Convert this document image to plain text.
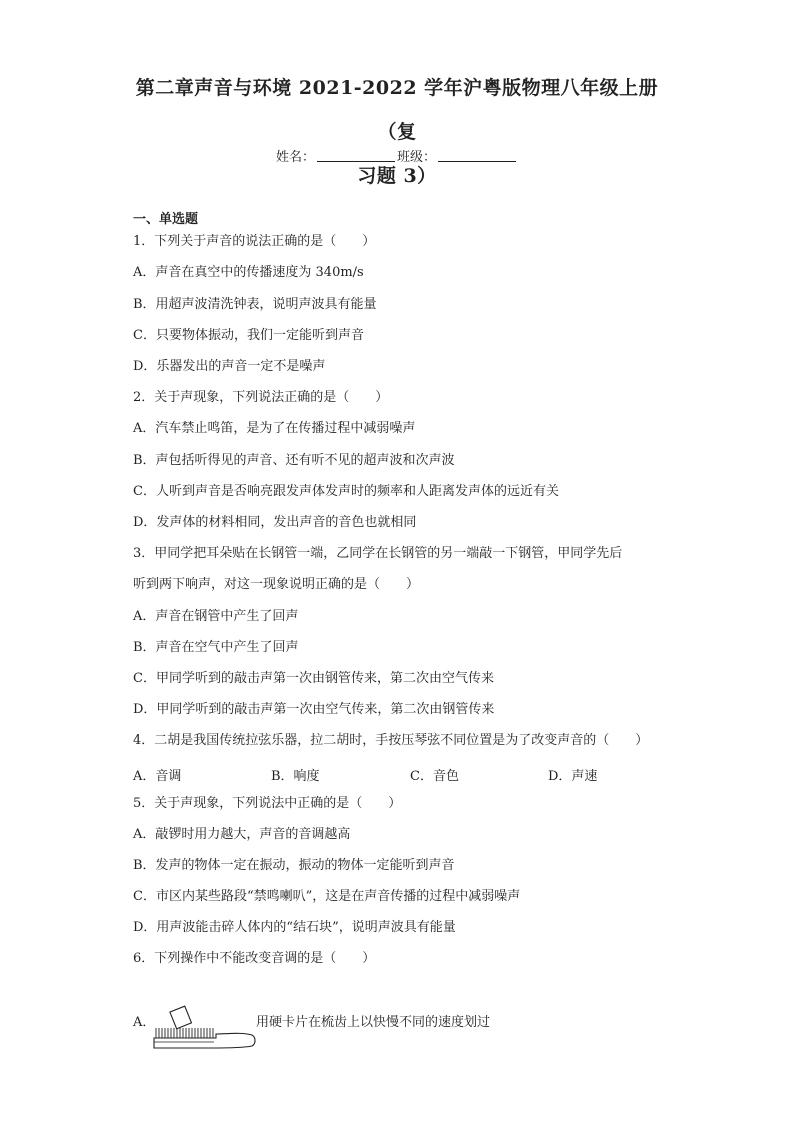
第二章声音与环境 2021-2022 学年沪粤版物理八年级上册（复
习题 3）
姓名：	班级：
一、单选题
1．下列关于声音的说法正确的是（　　）
A．声音在真空中的传播速度为 340m/s
B．用超声波清洗钟表，说明声波具有能量
C．只要物体振动，我们一定能听到声音
D．乐器发出的声音一定不是噪声
2．关于声现象，下列说法正确的是（　　）
A．汽车禁止鸣笛，是为了在传播过程中减弱噪声
B．声包括听得见的声音、还有听不见的超声波和次声波
C．人听到声音是否响亮跟发声体发声时的频率和人距离发声体的远近有关
D．发声体的材料相同，发出声音的音色也就相同
3．甲同学把耳朵贴在长钢管一端，乙同学在长钢管的另一端敲一下钢管，甲同学先后
听到两下响声，对这一现象说明正确的是（　　）
A．声音在钢管中产生了回声
B．声音在空气中产生了回声
C．甲同学听到的敲击声第一次由钢管传来，第二次由空气传来
D．甲同学听到的敲击声第一次由空气传来，第二次由钢管传来
4．二胡是我国传统拉弦乐器，拉二胡时，手按压琴弦不同位置是为了改变声音的（　　）
A．音调	B．响度	C．音色	D．声速
5．关于声现象，下列说法中正确的是（　　）
A．敲锣时用力越大，声音的音调越高
B．发声的物体一定在振动，振动的物体一定能听到声音
C．市区内某些路段“禁鸣喇叭”，这是在声音传播的过程中减弱噪声
D．用声波能击碎人体内的“结石块”，说明声波具有能量
6．下列操作中不能改变音调的是（　　）
A．	用硬卡片在梳齿上以快慢不同的速度划过
